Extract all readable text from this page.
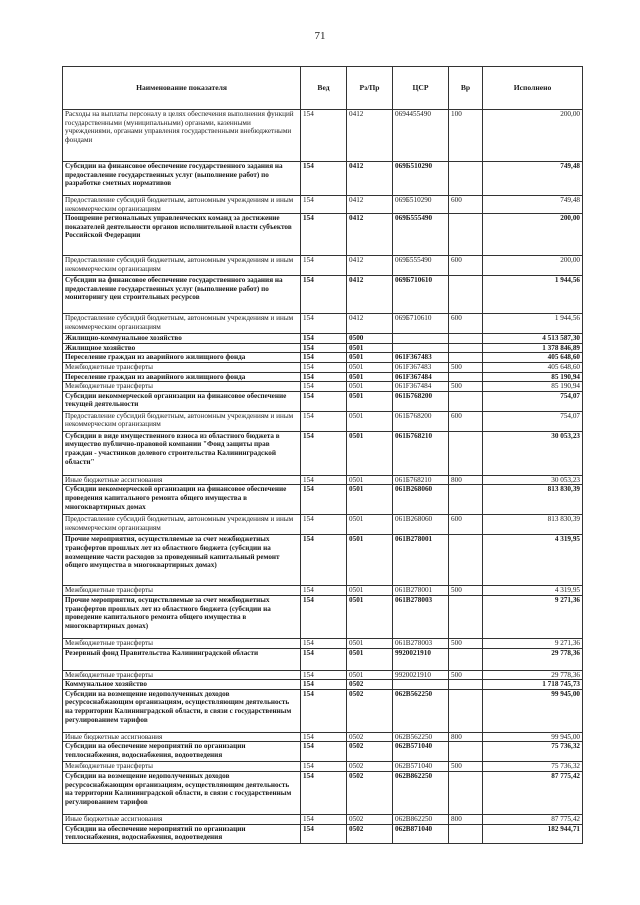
71
Наименование показателя	Вед	Рз/Пр	ЦСР	Вр	Исполнено
Расходы на выплаты персоналу в целях обеспечения выполнения функций государственными (муниципальными) органами, казенными учреждениями, органами управления государственными внебюджетными фондами	154	0412	0694455490	100	200,00
Субсидии на финансовое обеспечение государственного задания на предоставление государственных услуг (выполнение работ) по разработке сметных нормативов	154	0412	069Б510290		749,48
Предоставление субсидий бюджетным, автономным учреждениям и иным некоммерческим организациям	154	0412	069Б510290	600	749,48
Поощрение региональных управленческих команд за достижение показателей деятельности органов исполнительной власти субъектов Российской Федерации	154	0412	069Б555490		200,00
Предоставление субсидий бюджетным, автономным учреждениям и иным некоммерческим организациям	154	0412	069Б555490	600	200,00
Субсидии на финансовое обеспечение государственного задания на предоставление государственных услуг (выполнение работ) по мониторингу цен строительных ресурсов	154	0412	069Б710610		1 944,56
Предоставление субсидий бюджетным, автономным учреждениям и иным некоммерческим организациям	154	0412	069Б710610	600	1 944,56
Жилищно-коммунальное хозяйство	154	0500			4 513 587,30
Жилищное хозяйство	154	0501			1 378 846,89
Переселение граждан из аварийного жилищного фонда	154	0501	061F367483		405 648,60
Межбюджетные трансферты	154	0501	061F367483	500	405 648,60
Переселение граждан из аварийного жилищного фонда	154	0501	061F367484		85 190,94
Межбюджетные трансферты	154	0501	061F367484	500	85 190,94
Субсидии некоммерческой организации на финансовое обеспечение текущей деятельности	154	0501	061Б768200		754,07
Предоставление субсидий бюджетным, автономным учреждениям и иным некоммерческим организациям	154	0501	061Б768200	600	754,07
Субсидии в виде имущественного взноса из областного бюджета в имущество публично-правовой компании "Фонд защиты прав граждан - участников долевого строительства Калининградской области"	154	0501	061Б768210		30 053,23
Иные бюджетные ассигнования	154	0501	061Б768210	800	30 053,23
Субсидии некоммерческой организации на финансовое обеспечение проведения капитального ремонта общего имущества в многоквартирных домах	154	0501	061В268060		813 830,39
Предоставление субсидий бюджетным, автономным учреждениям и иным некоммерческим организациям	154	0501	061В268060	600	813 830,39
Прочие мероприятия, осуществляемые за счет межбюджетных трансфертов прошлых лет из областного бюджета (субсидии на возмещение части расходов за проведенный капитальный ремонт общего имущества в многоквартирных домах)	154	0501	061В278001		4 319,95
Межбюджетные трансферты	154	0501	061В278001	500	4 319,95
Прочие мероприятия, осуществляемые за счет межбюджетных трансфертов прошлых лет из областного бюджета (субсидии на проведение капитального ремонта общего имущества в многоквартирных домах)	154	0501	061В278003		9 271,36
Межбюджетные трансферты	154	0501	061В278003	500	9 271,36
Резервный фонд Правительства Калининградской области	154	0501	9920021910		29 778,36
Межбюджетные трансферты	154	0501	9920021910	500	29 778,36
Коммунальное хозяйство	154	0502			1 718 745,73
Субсидии на возмещение недополученных доходов ресурсоснабжающим организациям, осуществляющим деятельность на территории Калининградской области, в связи с государственным регулированием тарифов	154	0502	062В562250		99 945,00
Иные бюджетные ассигнования	154	0502	062В562250	800	99 945,00
Субсидии на обеспечение мероприятий по организации теплоснабжения, водоснабжения, водоотведения	154	0502	062В571040		75 736,32
Межбюджетные трансферты	154	0502	062В571040	500	75 736,32
Субсидии на возмещение недополученных доходов ресурсоснабжающим организациям, осуществляющим деятельность на территории Калининградской области, в связи с государственным регулированием тарифов	154	0502	062В862250		87 775,42
Иные бюджетные ассигнования	154	0502	062В862250	800	87 775,42
Субсидии на обеспечение мероприятий по организации теплоснабжения, водоснабжения, водоотведения	154	0502	062В871040		182 944,71
